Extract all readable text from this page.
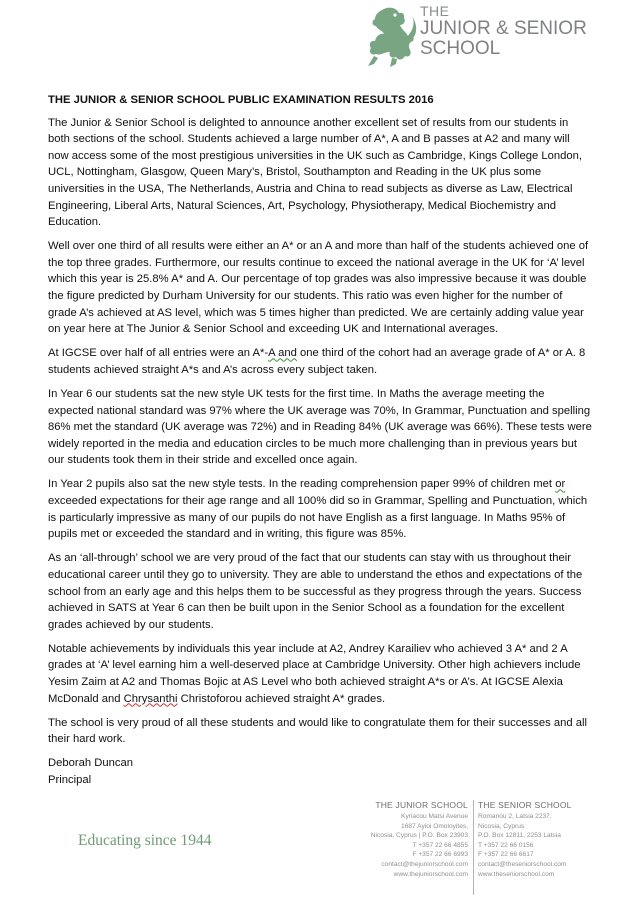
THE
JUNIOR & SENIOR
SCHOOL
THE JUNIOR & SENIOR SCHOOL PUBLIC EXAMINATION RESULTS 2016

The Junior & Senior School is delighted to announce another excellent set of results from our students in both sections of the school. Students achieved a large number of A*, A and B passes at A2 and many will now access some of the most prestigious universities in the UK such as Cambridge, Kings College London, UCL, Nottingham, Glasgow, Queen Mary’s, Bristol, Southampton and Reading in the UK plus some universities in the USA, The Netherlands, Austria and China to read subjects as diverse as Law, Electrical Engineering, Liberal Arts, Natural Sciences, Art, Psychology, Physiotherapy, Medical Biochemistry and Education.

Well over one third of all results were either an A* or an A and more than half of the students achieved one of the top three grades. Furthermore, our results continue to exceed the national average in the UK for ‘A’ level which this year is 25.8% A* and A. Our percentage of top grades was also impressive because it was double the figure predicted by Durham University for our students. This ratio was even higher for the number of grade A’s achieved at AS level, which was 5 times higher than predicted. We are certainly adding value year on year here at The Junior & Senior School and exceeding UK and International averages.

At IGCSE over half of all entries were an A*-A and one third of the cohort had an average grade of A* or A. 8 students achieved straight A*s and A’s across every subject taken.

In Year 6 our students sat the new style UK tests for the first time. In Maths the average meeting the expected national standard was 97% where the UK average was 70%, In Grammar, Punctuation and spelling 86% met the standard (UK average was 72%) and in Reading 84% (UK average was 66%). These tests were widely reported in the media and education circles to be much more challenging than in previous years but our students took them in their stride and excelled once again.

In Year 2 pupils also sat the new style tests. In the reading comprehension paper 99% of children met or exceeded expectations for their age range and all 100% did so in Grammar, Spelling and Punctuation, which is particularly impressive as many of our pupils do not have English as a first language. In Maths 95% of pupils met or exceeded the standard and in writing, this figure was 85%.

As an ‘all-through’ school we are very proud of the fact that our students can stay with us throughout their educational career until they go to university. They are able to understand the ethos and expectations of the school from an early age and this helps them to be successful as they progress through the years. Success achieved in SATS at Year 6 can then be built upon in the Senior School as a foundation for the excellent grades achieved by our students.

Notable achievements by individuals this year include at A2, Andrey Karailiev who achieved 3 A* and 2 A grades at ‘A’ level earning him a well-deserved place at Cambridge University. Other high achievers include Yesim Zaim at A2 and Thomas Bojic at AS Level who both achieved straight A*s or A’s. At IGCSE Alexia McDonald and Chrysanthi Christoforou achieved straight A* grades.

The school is very proud of all these students and would like to congratulate them for their successes and all their hard work.

Deborah Duncan

Principal

Educating since 1944
THE JUNIOR SCHOOL
Kyriacou Matsi Avenue
1687 Ayioi Omoloyites,
Nicosia, Cyprus | P.O. Box 23903
T +357 22 66 4855
F +357 22 66 6993
contact@thejuniorschool.com
www.thejuniorschool.com
THE SENIOR SCHOOL
Romanou 2, Latsia 2237,
Nicosia, Cyprus
P.O. Box 12811, 2253 Latsia
T +357 22 66 0156
F +357 22 66 6617
contact@theseniorschool.com
www.theseniorschool.com
